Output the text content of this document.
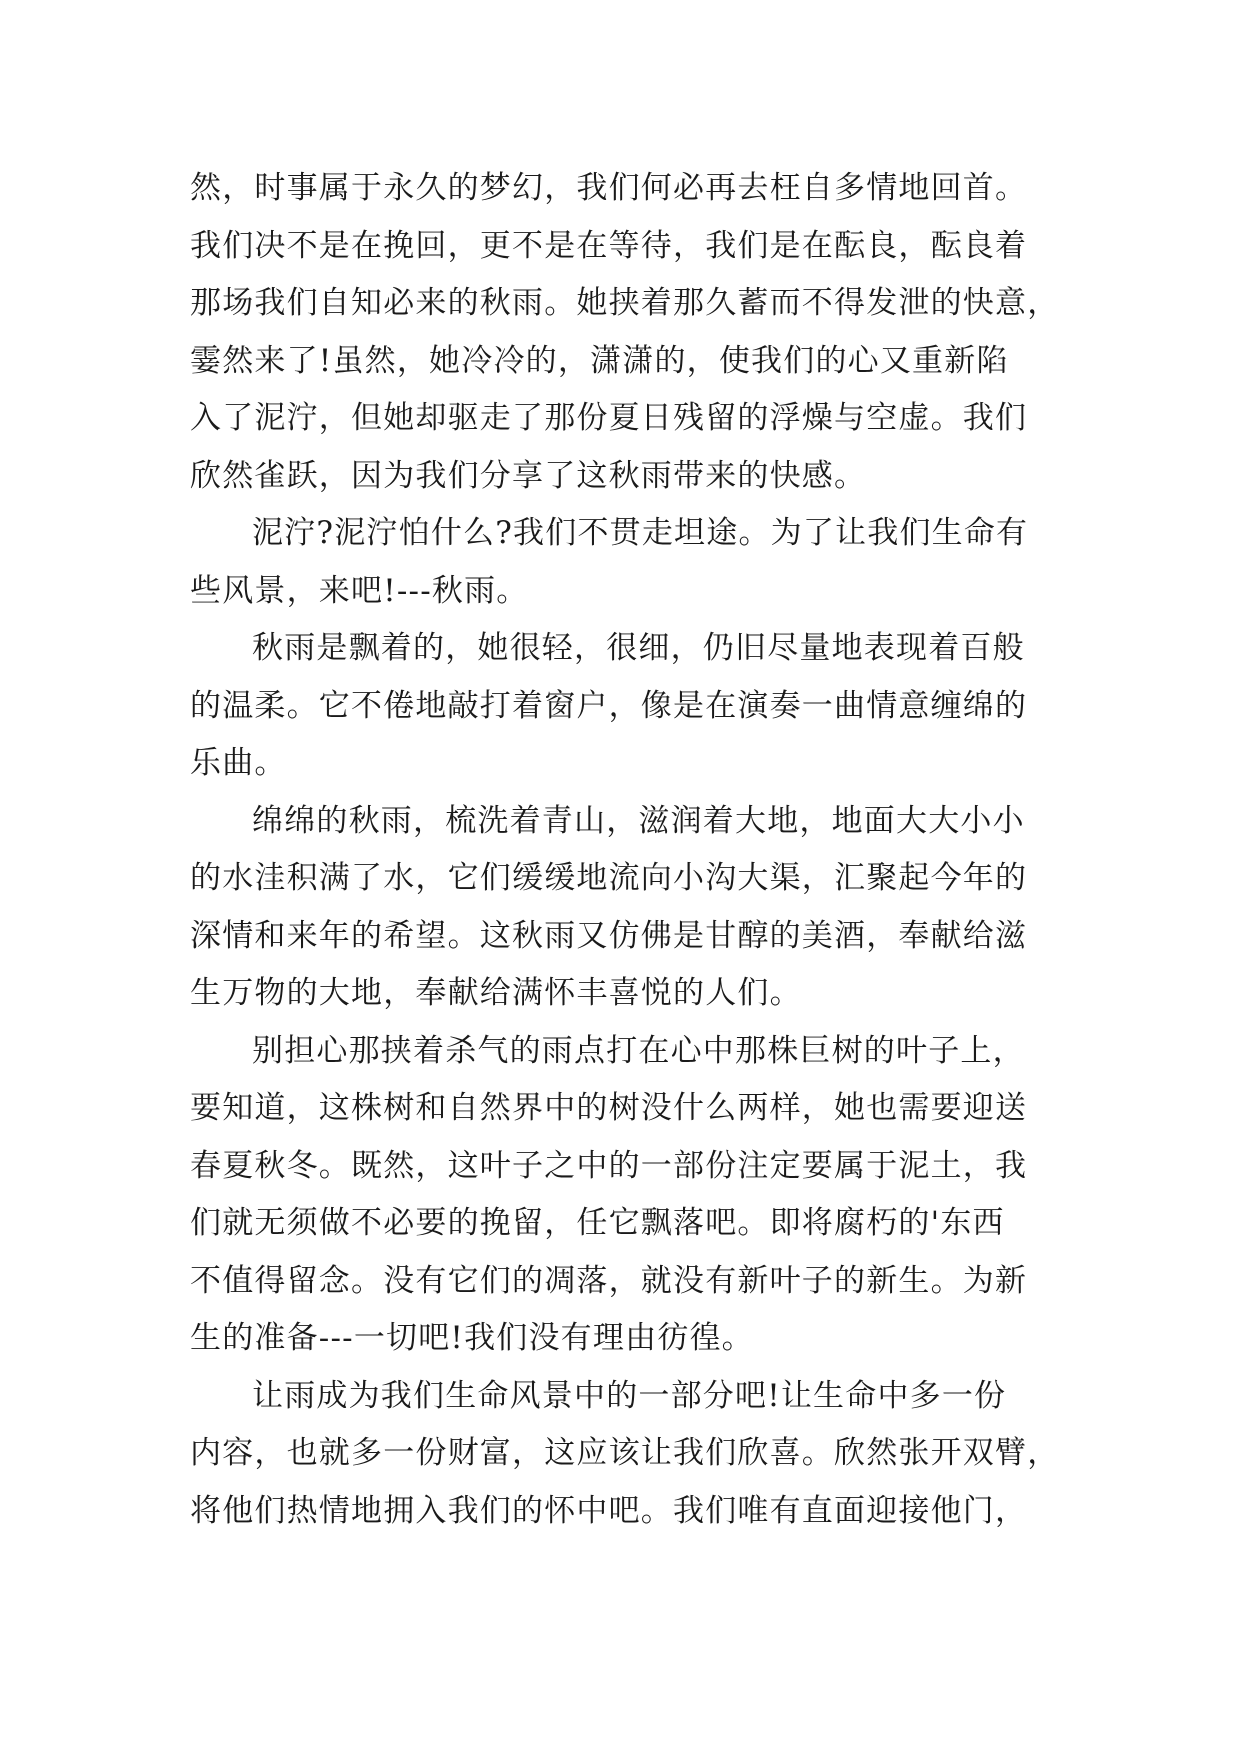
然，时事属于永久的梦幻，我们何必再去枉自多情地回首。
我们决不是在挽回，更不是在等待，我们是在酝良，酝良着
那场我们自知必来的秋雨。她挟着那久蓄而不得发泄的快意，
霎然来了!虽然，她冷冷的，潇潇的，使我们的心又重新陷
入了泥泞，但她却驱走了那份夏日残留的浮燥与空虚。我们
欣然雀跃，因为我们分享了这秋雨带来的快感。
泥泞?泥泞怕什么?我们不贯走坦途。为了让我们生命有
些风景，来吧!---秋雨。
秋雨是飘着的，她很轻，很细，仍旧尽量地表现着百般
的温柔。它不倦地敲打着窗户，像是在演奏一曲情意缠绵的
乐曲。
绵绵的秋雨，梳洗着青山，滋润着大地，地面大大小小
的水洼积满了水，它们缓缓地流向小沟大渠，汇聚起今年的
深情和来年的希望。这秋雨又仿佛是甘醇的美酒，奉献给滋
生万物的大地，奉献给满怀丰喜悦的人们。
别担心那挟着杀气的雨点打在心中那株巨树的叶子上，
要知道，这株树和自然界中的树没什么两样，她也需要迎送
春夏秋冬。既然，这叶子之中的一部份注定要属于泥土，我
们就无须做不必要的挽留，任它飘落吧。即将腐朽的'东西
不值得留念。没有它们的凋落，就没有新叶子的新生。为新
生的准备---一切吧!我们没有理由彷徨。
让雨成为我们生命风景中的一部分吧!让生命中多一份
内容，也就多一份财富，这应该让我们欣喜。欣然张开双臂，
将他们热情地拥入我们的怀中吧。我们唯有直面迎接他门，
